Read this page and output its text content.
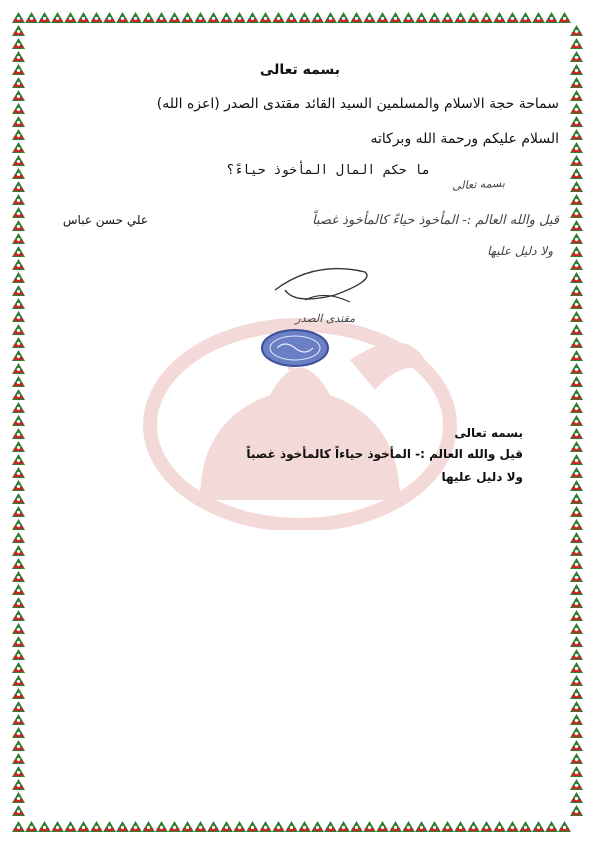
بسمه تعالى
سماحة حجة الاسلام والمسلمين السيد القائد مقتدى الصدر (اعزه الله)
السلام عليكم ورحمة الله وبركاته
ما حكم المال المأخوذ حياءً؟
علي حسن عباس
بسمه تعالى
قيل والله العالم :- المأخوذ حياءً كالمأخوذ غصباً
ولا دليل عليها
مقتدى الصدر
بسمه تعالى
قيل والله العالم :- المأخوذ حياءاً كالمأخوذ غصباً
ولا دليل عليها
